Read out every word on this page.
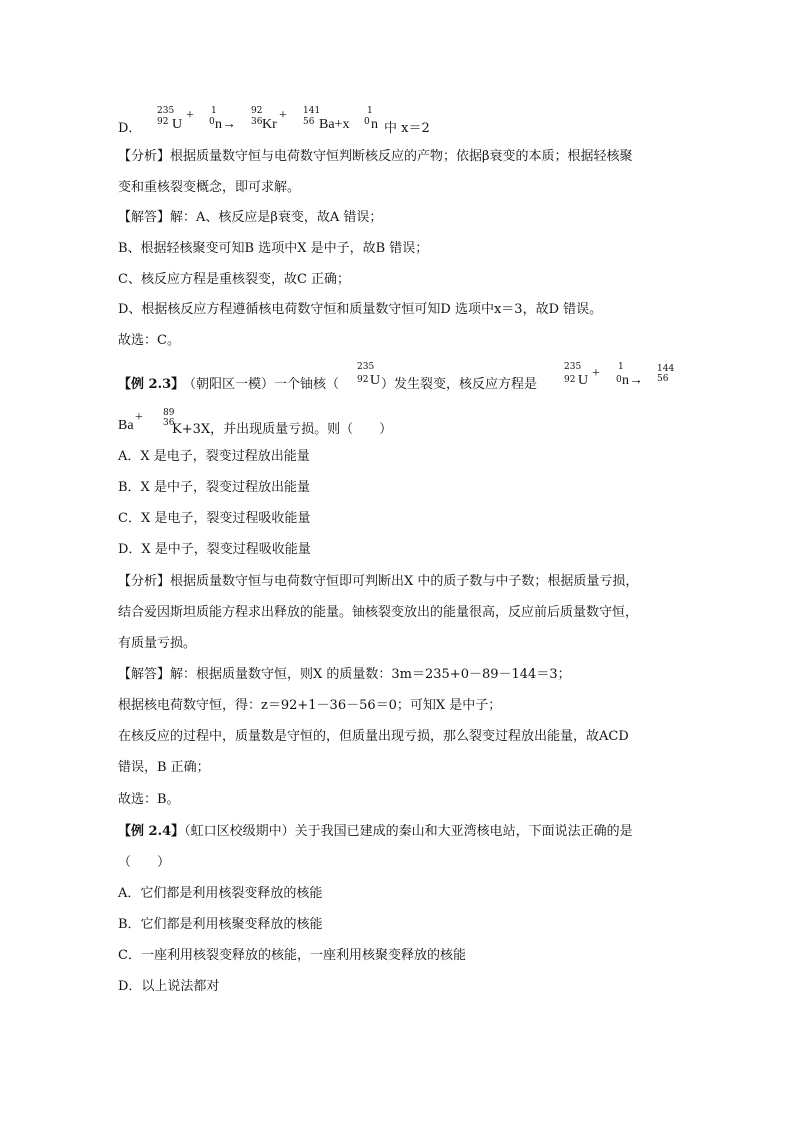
D．
235
92 U
+ 1
0 n→
92
36 Kr
+ 141
56 Ba+x
1
0 n 中 x＝2
【分析】根据质量数守恒与电荷数守恒判断核反应的产物；依据β衰变的本质；根据轻核聚
变和重核裂变概念，即可求解。
【解答】解：A、核反应是β衰变，故A 错误；
B、根据轻核聚变可知B 选项中X 是中子，故B 错误；
C、核反应方程是重核裂变，故C 正确；
D、根据核反应方程遵循核电荷数守恒和质量数守恒可知D 选项中x＝3，故D 错误。
故选：C。
【例 2.3】
（朝阳区一模）一个铀核（
235
92 U ）发生裂变，核反应方程是
235
92 U + 1
0 n→
144
56
Ba
+ 89
36
K+3X，并出现质量亏损。则（　　）
A．X 是电子，裂变过程放出能量
B．X 是中子，裂变过程放出能量
C．X 是电子，裂变过程吸收能量
D．X 是中子，裂变过程吸收能量
【分析】根据质量数守恒与电荷数守恒即可判断出X 中的质子数与中子数；根据质量亏损，
结合爱因斯坦质能方程求出释放的能量。铀核裂变放出的能量很高，反应前后质量数守恒，
有质量亏损。
【解答】解：根据质量数守恒，则X 的质量数：3m＝235+0－89－144＝3；
根据核电荷数守恒，得：z＝92+1－36－56＝0；可知X 是中子；
在核反应的过程中，质量数是守恒的，但质量出现亏损，那么裂变过程放出能量，故ACD
错误，B 正确；
故选：B。
【例 2.4】（虹口区校级期中）关于我国已建成的秦山和大亚湾核电站，下面说法正确的是
（　　）
A．它们都是利用核裂变释放的核能
B．它们都是利用核聚变释放的核能
C．一座利用核裂变释放的核能，一座利用核聚变释放的核能
D．以上说法都对
